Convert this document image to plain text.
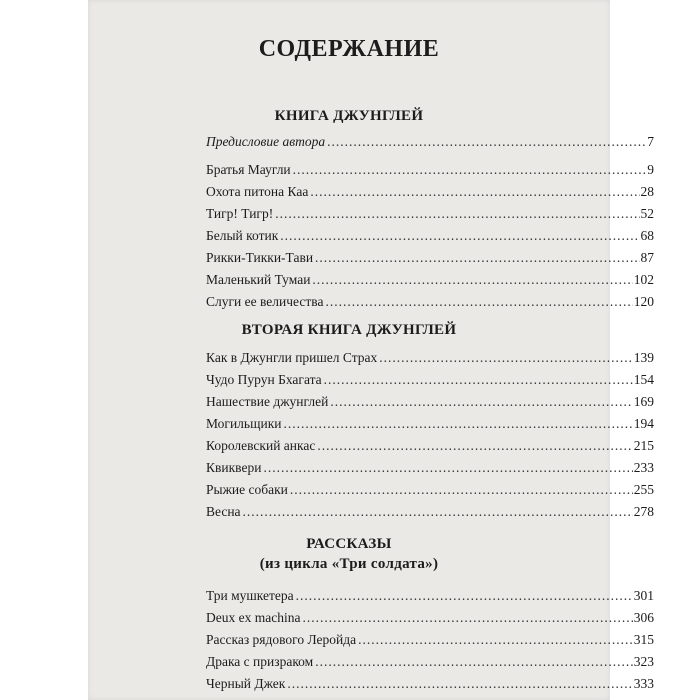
СОДЕРЖАНИЕ
КНИГА ДЖУНГЛЕЙ
Предисловие автора .....	7
Братья Маугли .....	9
Охота питона Каа .....	28
Тигр! Тигр! .....	52
Белый котик .....	68
Рикки-Тикки-Тави .....	87
Маленький Тумаи .....	102
Слуги ее величества .....	120
ВТОРАЯ КНИГА ДЖУНГЛЕЙ
Как в Джунгли пришел Страх .....	139
Чудо Пурун Бхагата .....	154
Нашествие джунглей .....	169
Могильщики .....	194
Королевский анкас .....	215
Квиквери .....	233
Рыжие собаки .....	255
Весна .....	278
РАССКАЗЫ
(из цикла «Три солдата»)
Три мушкетера .....	301
Deux ex machina .....	306
Рассказ рядового Леройда .....	315
Драка с призраком .....	323
Черный Джек .....	333
